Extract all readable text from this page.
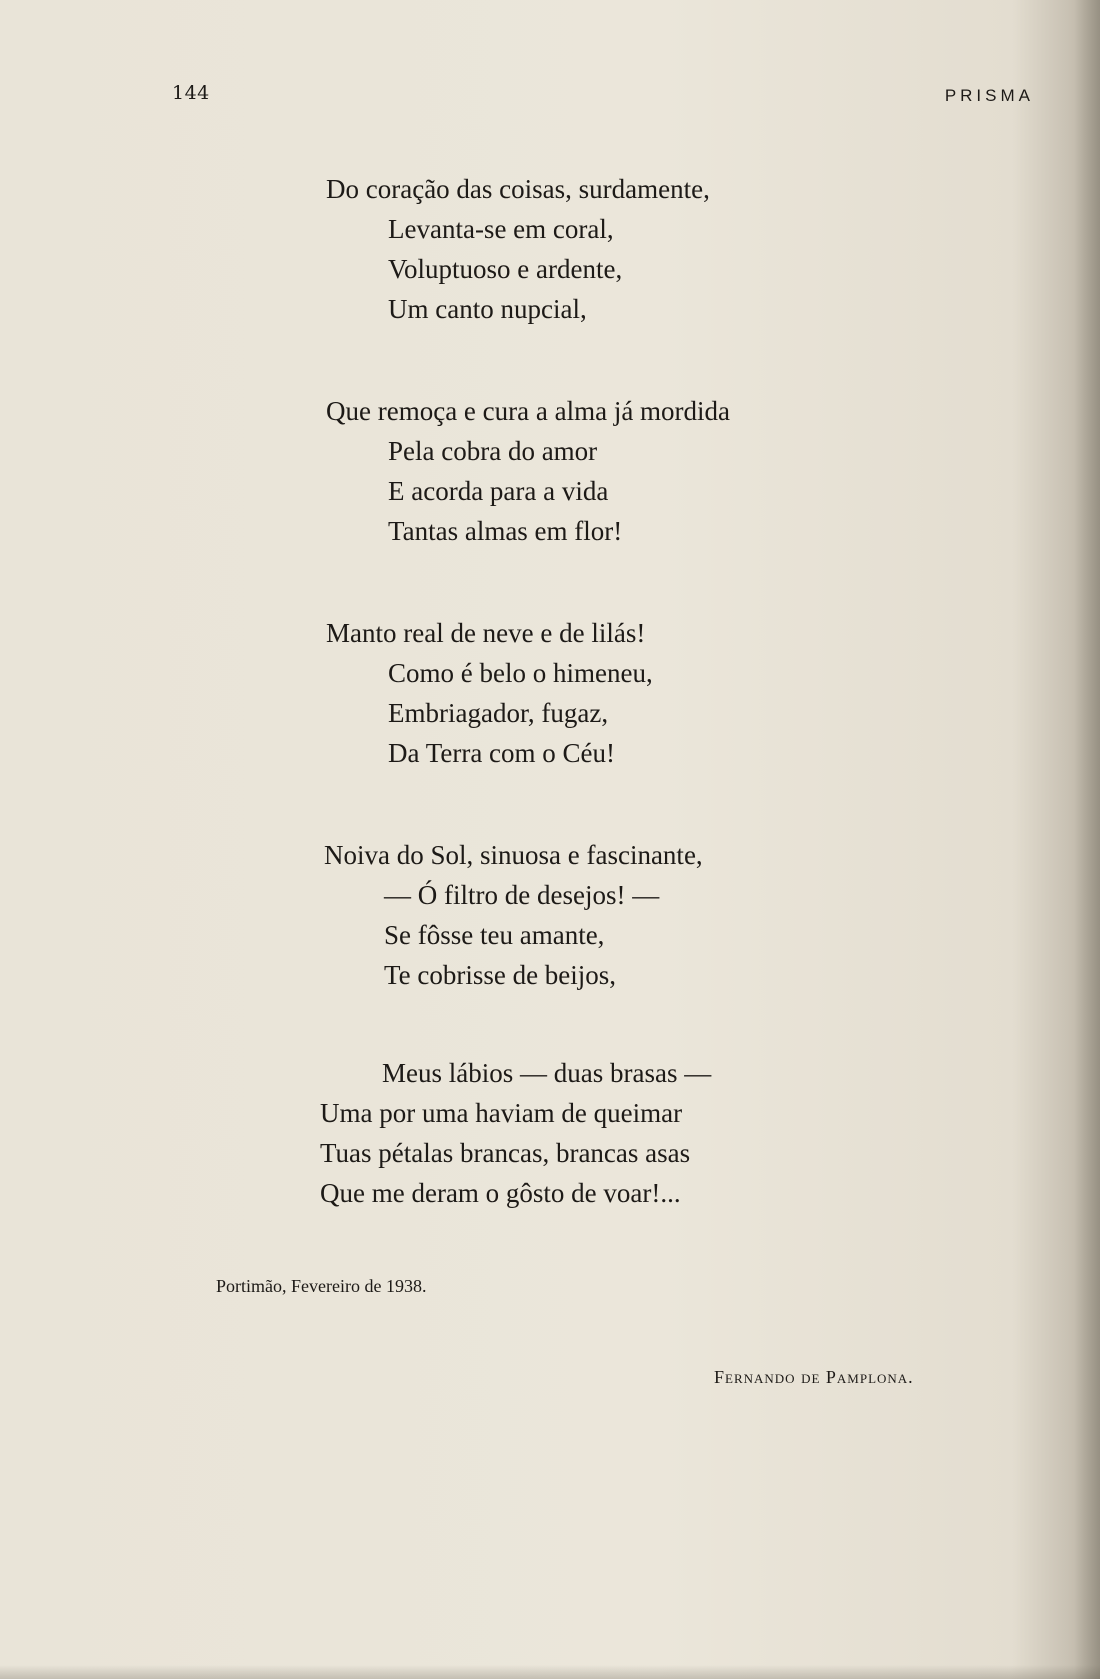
144	PRISMA
Do coração das coisas, surdamente,
Levanta-se em coral,
Voluptuoso e ardente,
Um canto nupcial,
Que remoça e cura a alma já mordida
Pela cobra do amor
E acorda para a vida
Tantas almas em flor!
Manto real de neve e de lilás!
Como é belo o himeneu,
Embriagador, fugaz,
Da Terra com o Céu!
Noiva do Sol, sinuosa e fascinante,
— Ó filtro de desejos! —
Se fôsse teu amante,
Te cobrisse de beijos,
Meus lábios — duas brasas —
Uma por uma haviam de queimar
Tuas pétalas brancas, brancas asas
Que me deram o gôsto de voar!...
Portimão, Fevereiro de 1938.
Fernando de Pamplona.
